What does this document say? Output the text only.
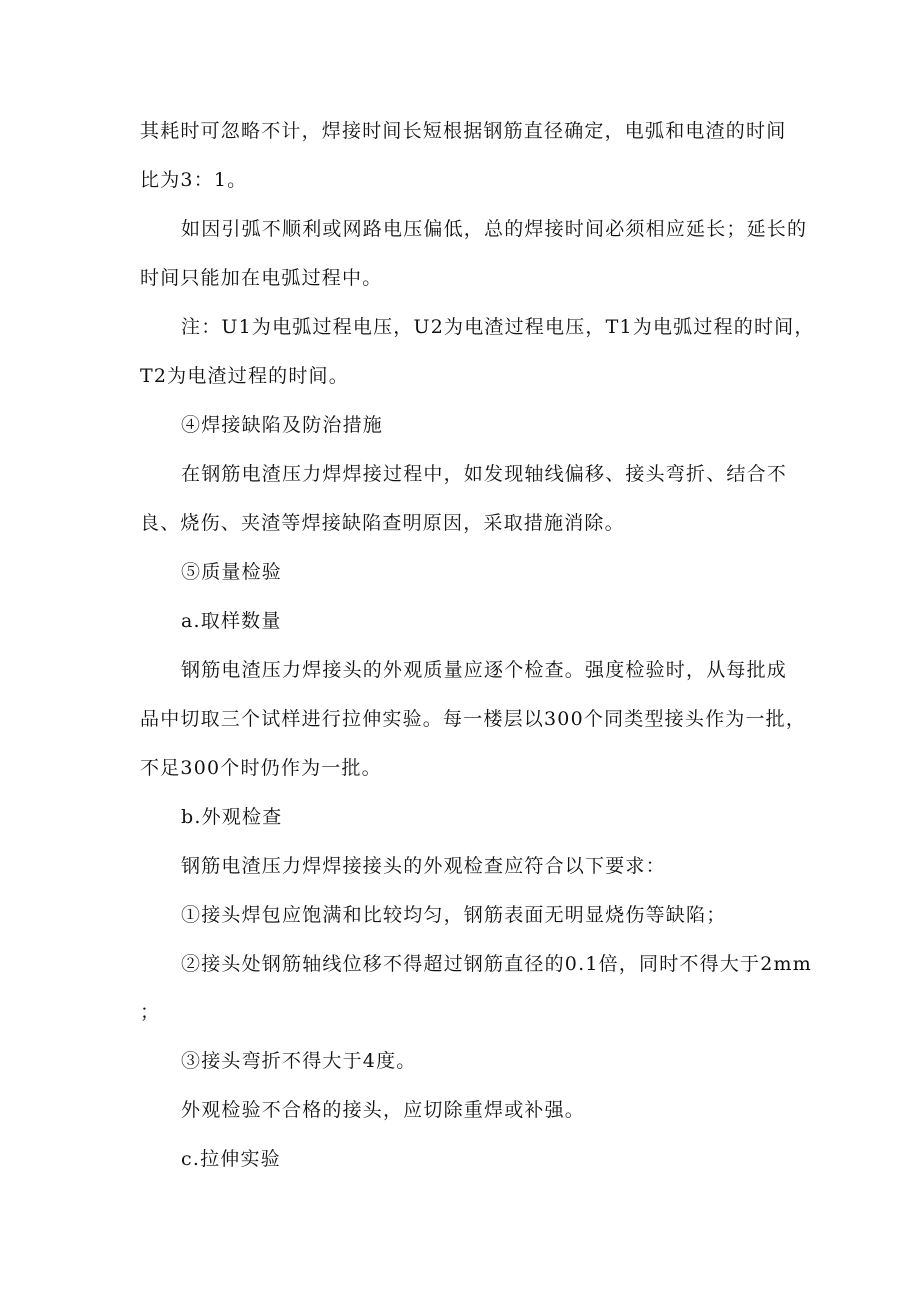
其耗时可忽略不计，焊接时间长短根据钢筋直径确定，电弧和电渣的时间
比为3：1。
如因引弧不顺利或网路电压偏低，总的焊接时间必须相应延长；延长的
时间只能加在电弧过程中。
注：U1为电弧过程电压，U2为电渣过程电压，T1为电弧过程的时间，
T2为电渣过程的时间。
④焊接缺陷及防治措施
在钢筋电渣压力焊焊接过程中，如发现轴线偏移、接头弯折、结合不
良、烧伤、夹渣等焊接缺陷查明原因，采取措施消除。
⑤质量检验
a.取样数量
钢筋电渣压力焊接头的外观质量应逐个检查。强度检验时，从每批成
品中切取三个试样进行拉伸实验。每一楼层以300个同类型接头作为一批，
不足300个时仍作为一批。
b.外观检查
钢筋电渣压力焊焊接接头的外观检查应符合以下要求：
①接头焊包应饱满和比较均匀，钢筋表面无明显烧伤等缺陷；
②接头处钢筋轴线位移不得超过钢筋直径的0.1倍，同时不得大于2mm
；
③接头弯折不得大于4度。
外观检验不合格的接头，应切除重焊或补强。
c.拉伸实验
